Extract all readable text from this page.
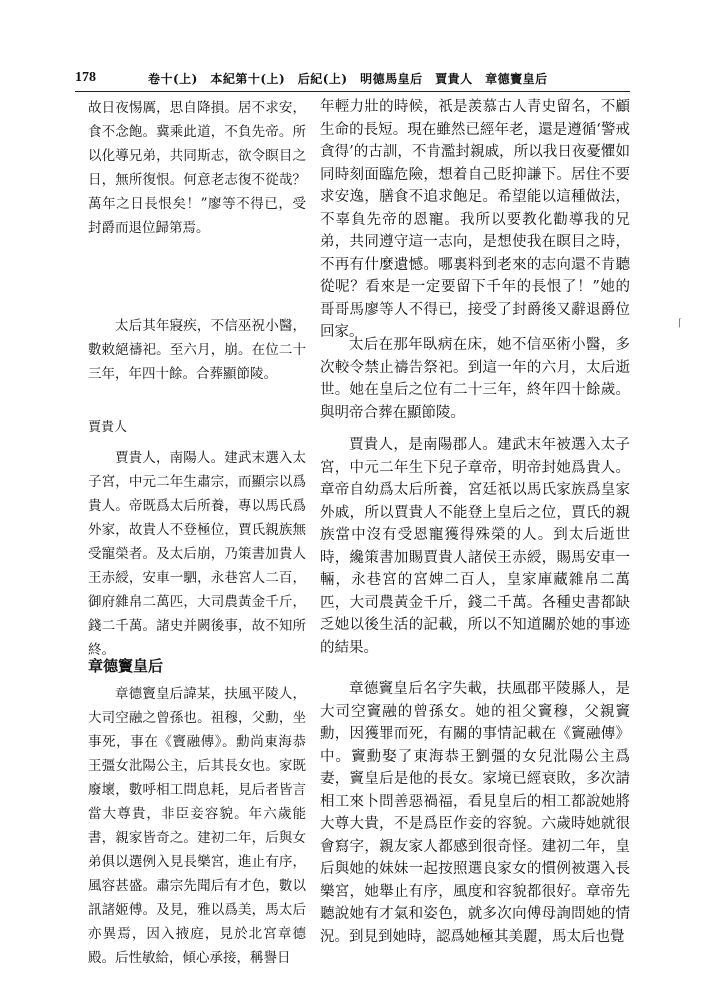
178	卷十(上)　本紀第十(上)　后紀(上)　明德馬皇后　賈貴人　章德竇皇后

故日夜惕厲，思自降損。居不求安，食不念飽。冀乘此道，不負先帝。所以化導兄弟，共同斯志，欲令瞑目之日，無所復恨。何意老志復不從哉？萬年之日長恨矣！”廖等不得已，受封爵而退位歸第焉。

太后其年寢疾，不信巫祝小醫，數敕絕禱祀。至六月，崩。在位二十三年，年四十餘。合葬顯節陵。

賈貴人

賈貴人，南陽人。建武末選入太子宮，中元二年生肅宗，而顯宗以爲貴人。帝既爲太后所養，專以馬氏爲外家，故貴人不登極位，賈氏親族無受寵榮者。及太后崩，乃策書加貴人王赤綬，安車一駟，永巷宮人二百，御府雜帛二萬匹，大司農黃金千斤，錢二千萬。諸史并闕後事，故不知所終。

章德竇皇后

章德竇皇后諱某，扶風平陵人，大司空融之曾孫也。祖穆，父勳，坐事死，事在《竇融傳》。勳尚東海恭王彊女沘陽公主，后其長女也。家既廢壞，數呼相工問息耗，見后者皆言當大尊貴，非臣妾容貌。年六歲能書，親家皆奇之。建初二年，后與女弟俱以選例入見長樂宮，進止有序，風容甚盛。肅宗先聞后有才色，數以訊諸姬傅。及見，雅以爲美，馬太后亦異焉，因入掖庭，見於北宮章德殿。后性敏給，傾心承接，稱譽日

年輕力壯的時候，祇是羨慕古人青史留名，不顧生命的長短。現在雖然已經年老，還是遵循‘警戒貪得’的古訓，不肯濫封親戚，所以我日夜憂懼如同時刻面臨危險，想着自己貶抑謙下。居住不要求安逸，膳食不追求飽足。希望能以這種做法，不辜負先帝的恩寵。我所以要教化勸導我的兄弟，共同遵守這一志向，是想使我在瞑目之時，不再有什麼遺憾。哪裏料到老來的志向還不肯聽從呢？看來是一定要留下千年的長恨了！”她的哥哥馬廖等人不得已，接受了封爵後又辭退爵位回家。

太后在那年臥病在床，她不信巫術小醫，多次較令禁止禱告祭祀。到這一年的六月，太后逝世。她在皇后之位有二十三年，終年四十餘歲。與明帝合葬在顯節陵。

賈貴人，是南陽郡人。建武末年被選入太子宮，中元二年生下兒子章帝，明帝封她爲貴人。章帝自幼爲太后所養，宮廷祇以馬氏家族爲皇家外戚，所以賈貴人不能登上皇后之位，賈氏的親族當中沒有受恩寵獲得殊榮的人。到太后逝世時，纔策書加賜賈貴人諸侯王赤綬，賜馬安車一輛，永巷宮的宮婢二百人，皇家庫藏雜帛二萬匹，大司農黃金千斤，錢二千萬。各種史書都缺乏她以後生活的記載，所以不知道關於她的事迹的結果。

章德竇皇后名字失載，扶風郡平陵縣人，是大司空竇融的曾孫女。她的祖父竇穆，父親竇勳，因獲罪而死，有關的事情記載在《竇融傳》中。竇勳娶了東海恭王劉彊的女兒沘陽公主爲妻，竇皇后是他的長女。家境已經衰敗，多次請相工來卜問善惡禍福，看見皇后的相工都說她將大尊大貴，不是爲臣作妾的容貌。六歲時她就很會寫字，親友家人都感到很奇怪。建初二年，皇后與她的妹妹一起按照選良家女的慣例被選入長樂宮，她舉止有序，風度和容貌都很好。章帝先聽說她有才氣和姿色，就多次向傅母詢問她的情況。到見到她時，認爲她極其美麗，馬太后也覺

⌈
